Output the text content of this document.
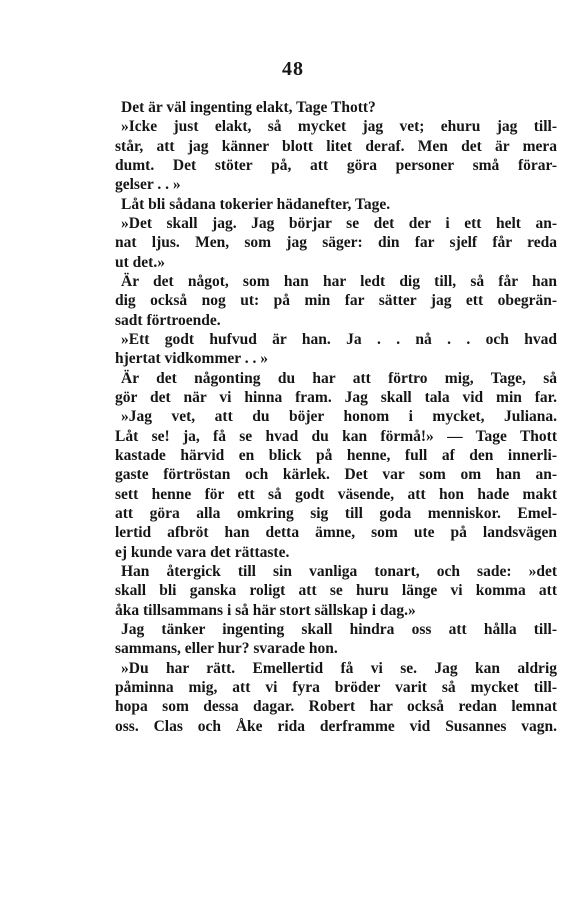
48
Det är väl ingenting elakt, Tage Thott?
»Icke just elakt, så mycket jag vet; ehuru jag till-
står, att jag känner blott litet deraf. Men det är mera
dumt. Det stöter på, att göra personer små förar-
gelser . . »
Låt bli sådana tokerier hädanefter, Tage.
»Det skall jag. Jag börjar se det der i ett helt an-
nat ljus. Men, som jag säger: din far sjelf får reda
ut det.»
Är det något, som han har ledt dig till, så får han
dig också nog ut: på min far sätter jag ett obegrän-
sadt förtroende.
»Ett godt hufvud är han. Ja . . nå . . och hvad
hjertat vidkommer . . »
Är det någonting du har att förtro mig, Tage, så
gör det när vi hinna fram. Jag skall tala vid min far.
»Jag vet, att du böjer honom i mycket, Juliana.
Låt se! ja, få se hvad du kan förmå!» — Tage Thott
kastade härvid en blick på henne, full af den innerli-
gaste förtröstan och kärlek. Det var som om han an-
sett henne för ett så godt väsende, att hon hade makt
att göra alla omkring sig till goda menniskor. Emel-
lertid afbröt han detta ämne, som ute på landsvägen
ej kunde vara det rättaste.
Han återgick till sin vanliga tonart, och sade: »det
skall bli ganska roligt att se huru länge vi komma att
åka tillsammans i så här stort sällskap i dag.»
Jag tänker ingenting skall hindra oss att hålla till-
sammans, eller hur? svarade hon.
»Du har rätt. Emellertid få vi se. Jag kan aldrig
påminna mig, att vi fyra bröder varit så mycket till-
hopa som dessa dagar. Robert har också redan lemnat
oss. Clas och Åke rida derframme vid Susannes vagn.
